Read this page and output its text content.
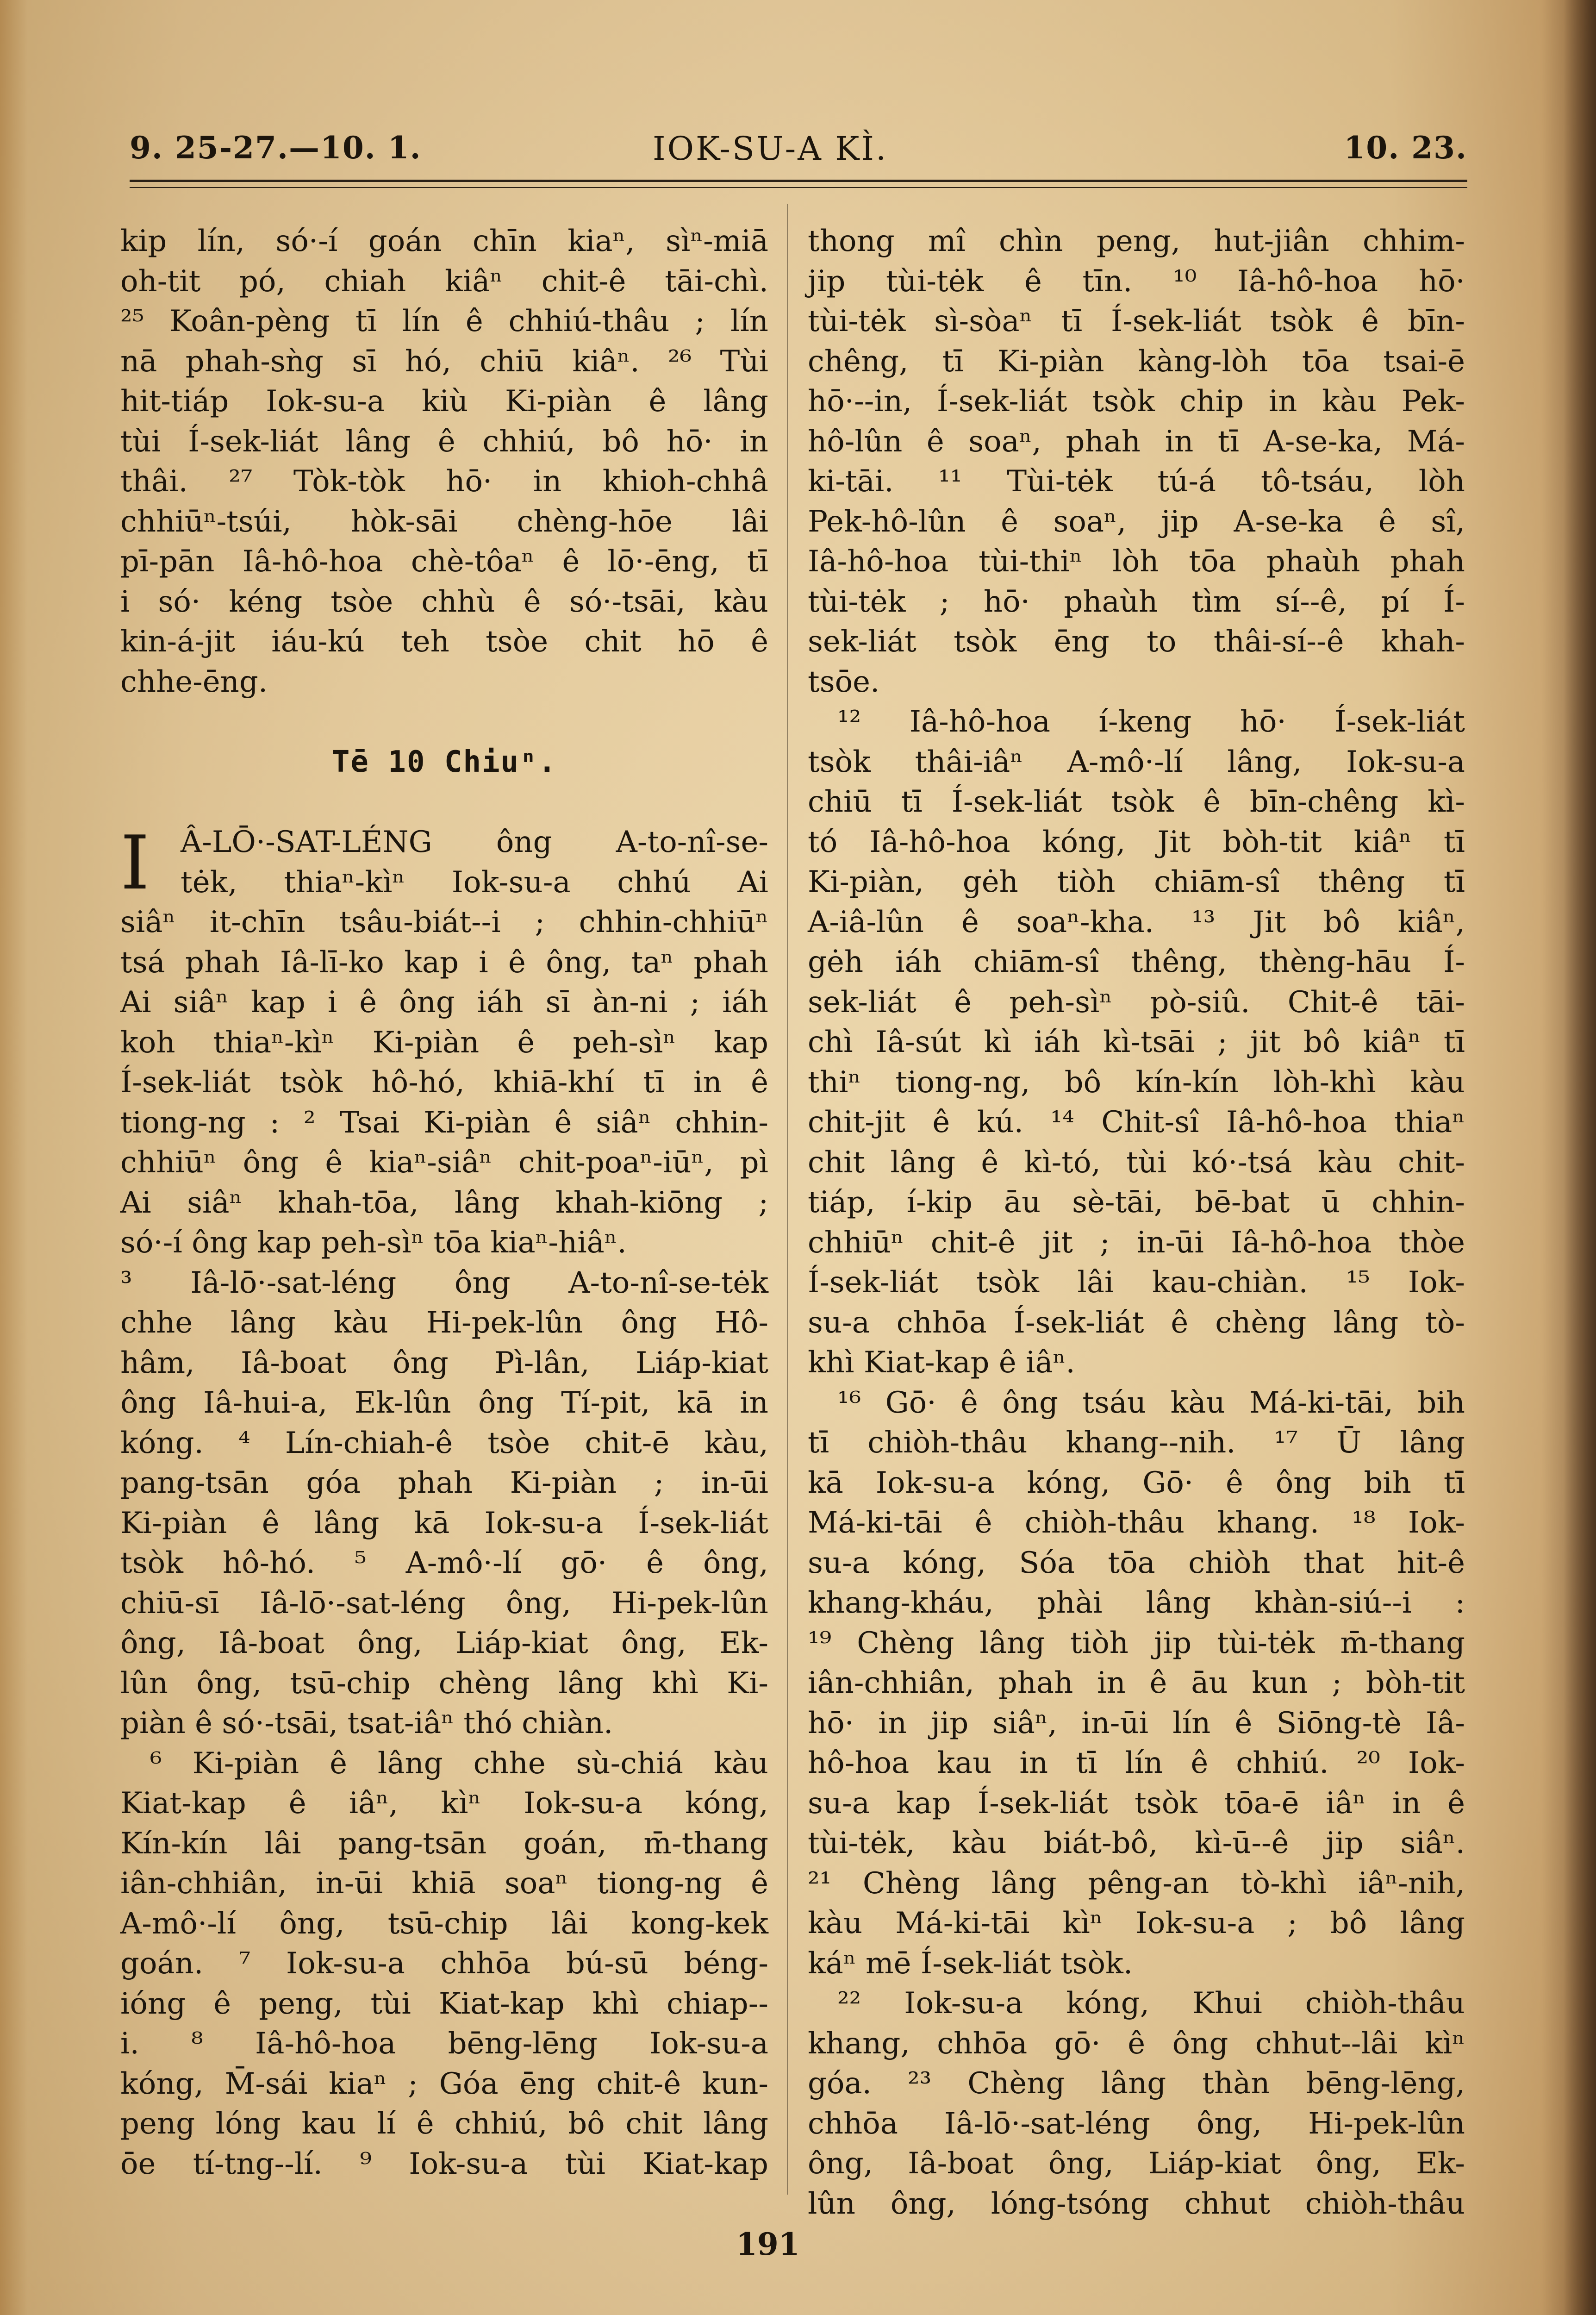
9. 25-27.—10. 1.	IOK-SU-A KÌ.	10. 23.
kip lín, só·-í goán chīn kiaⁿ, sìⁿ-miā
oh-tit pó, chiah kiâⁿ chit-ê tāi-chì.
²⁵ Koân-pèng tī lín ê chhiú-thâu ; lín
nā phah-sǹg sī hó, chiū kiâⁿ. ²⁶ Tùi
hit-tiáp Iok-su-a kiù Ki-piàn ê lâng
tùi Í-sek-liát lâng ê chhiú, bô hō· in
thâi. ²⁷ Tòk-tòk hō· in khioh-chhâ
chhiūⁿ-tsúi, hòk-sāi chèng-hōe lâi
pī-pān Iâ-hô-hoa chè-tôaⁿ ê lō·-ēng, tī
i só· kéng tsòe chhù ê só·-tsāi, kàu
kin-á-jit iáu-kú teh tsòe chit hō ê
chhe-ēng.
Tē 10 Chiuⁿ.
I	Â-LŌ·-SAT-LÉNG ông A-to-nî-se-
tėk, thiaⁿ-kìⁿ Iok-su-a chhú Ai
siâⁿ it-chīn tsâu-biát--i ; chhin-chhiūⁿ
tsá phah Iâ-lī-ko kap i ê ông, taⁿ phah
Ai siâⁿ kap i ê ông iáh sī àn-ni ; iáh
koh thiaⁿ-kìⁿ Ki-piàn ê peh-sìⁿ kap
Í-sek-liát tsòk hô-hó, khiā-khí tī in ê
tiong-ng : ² Tsai Ki-piàn ê siâⁿ chhin-
chhiūⁿ ông ê kiaⁿ-siâⁿ chit-poaⁿ-iūⁿ, pì
Ai siâⁿ khah-tōa, lâng khah-kiōng ;
só·-í ông kap peh-sìⁿ tōa kiaⁿ-hiâⁿ.
³ Iâ-lō·-sat-léng ông A-to-nî-se-tėk
chhe lâng kàu Hi-pek-lûn ông Hô-
hâm, Iâ-boat ông Pì-lân, Liáp-kiat
ông Iâ-hui-a, Ek-lûn ông Tí-pit, kā in
kóng. ⁴ Lín-chiah-ê tsòe chit-ē kàu,
pang-tsān góa phah Ki-piàn ; in-ūi
Ki-piàn ê lâng kā Iok-su-a Í-sek-liát
tsòk hô-hó. ⁵ A-mô·-lí gō· ê ông,
chiū-sī Iâ-lō·-sat-léng ông, Hi-pek-lûn
ông, Iâ-boat ông, Liáp-kiat ông, Ek-
lûn ông, tsū-chip chèng lâng khì Ki-
piàn ê só·-tsāi, tsat-iâⁿ thó chiàn.
⁶ Ki-piàn ê lâng chhe sù-chiá kàu
Kiat-kap ê iâⁿ, kìⁿ Iok-su-a kóng,
Kín-kín lâi pang-tsān goán, m̄-thang
iân-chhiân, in-ūi khiā soaⁿ tiong-ng ê
A-mô·-lí ông, tsū-chip lâi kong-kek
goán. ⁷ Iok-su-a chhōa bú-sū béng-
ióng ê peng, tùi Kiat-kap khì chiap--
i. ⁸ Iâ-hô-hoa bēng-lēng Iok-su-a
kóng, M̄-sái kiaⁿ ; Góa ēng chit-ê kun-
peng lóng kau lí ê chhiú, bô chit lâng
ōe tí-tng--lí. ⁹ Iok-su-a tùi Kiat-kap
thong mî chìn peng, hut-jiân chhim-
jip tùi-tėk ê tīn. ¹⁰ Iâ-hô-hoa hō·
tùi-tėk sì-sòaⁿ tī Í-sek-liát tsòk ê bīn-
chêng, tī Ki-piàn kàng-lòh tōa tsai-ē
hō·--in, Í-sek-liát tsòk chip in kàu Pek-
hô-lûn ê soaⁿ, phah in tī A-se-ka, Má-
ki-tāi. ¹¹ Tùi-tėk tú-á tô-tsáu, lòh
Pek-hô-lûn ê soaⁿ, jip A-se-ka ê sî,
Iâ-hô-hoa tùi-thiⁿ lòh tōa phaùh phah
tùi-tėk ; hō· phaùh tìm sí--ê, pí Í-
sek-liát tsòk ēng to thâi-sí--ê khah-
tsōe.
¹² Iâ-hô-hoa í-keng hō· Í-sek-liát
tsòk thâi-iâⁿ A-mô·-lí lâng, Iok-su-a
chiū tī Í-sek-liát tsòk ê bīn-chêng kì-
tó Iâ-hô-hoa kóng, Jit bòh-tit kiâⁿ tī
Ki-piàn, gėh tiòh chiām-sî thêng tī
A-iâ-lûn ê soaⁿ-kha. ¹³ Jit bô kiâⁿ,
gėh iáh chiām-sî thêng, thèng-hāu Í-
sek-liát ê peh-sìⁿ pò-siû. Chit-ê tāi-
chì Iâ-sút kì iáh kì-tsāi ; jit bô kiâⁿ tī
thiⁿ tiong-ng, bô kín-kín lòh-khì kàu
chit-jit ê kú. ¹⁴ Chit-sî Iâ-hô-hoa thiaⁿ
chit lâng ê kì-tó, tùi kó·-tsá kàu chit-
tiáp, í-kip āu sè-tāi, bē-bat ū chhin-
chhiūⁿ chit-ê jit ; in-ūi Iâ-hô-hoa thòe
Í-sek-liát tsòk lâi kau-chiàn. ¹⁵ Iok-
su-a chhōa Í-sek-liát ê chèng lâng tò-
khì Kiat-kap ê iâⁿ.
¹⁶ Gō· ê ông tsáu kàu Má-ki-tāi, bih
tī chiòh-thâu khang--nih. ¹⁷ Ū lâng
kā Iok-su-a kóng, Gō· ê ông bih tī
Má-ki-tāi ê chiòh-thâu khang. ¹⁸ Iok-
su-a kóng, Sóa tōa chiòh that hit-ê
khang-kháu, phài lâng khàn-siú--i :
¹⁹ Chèng lâng tiòh jip tùi-tėk m̄-thang
iân-chhiân, phah in ê āu kun ; bòh-tit
hō· in jip siâⁿ, in-ūi lín ê Siōng-tè Iâ-
hô-hoa kau in tī lín ê chhiú. ²⁰ Iok-
su-a kap Í-sek-liát tsòk tōa-ē iâⁿ in ê
tùi-tėk, kàu biát-bô, kì-ū--ê jip siâⁿ.
²¹ Chèng lâng pêng-an tò-khì iâⁿ-nih,
kàu Má-ki-tāi kìⁿ Iok-su-a ; bô lâng
káⁿ mē Í-sek-liát tsòk.
²² Iok-su-a kóng, Khui chiòh-thâu
khang, chhōa gō· ê ông chhut--lâi kìⁿ
góa. ²³ Chèng lâng thàn bēng-lēng,
chhōa Iâ-lō·-sat-léng ông, Hi-pek-lûn
ông, Iâ-boat ông, Liáp-kiat ông, Ek-
lûn ông, lóng-tsóng chhut chiòh-thâu
191
